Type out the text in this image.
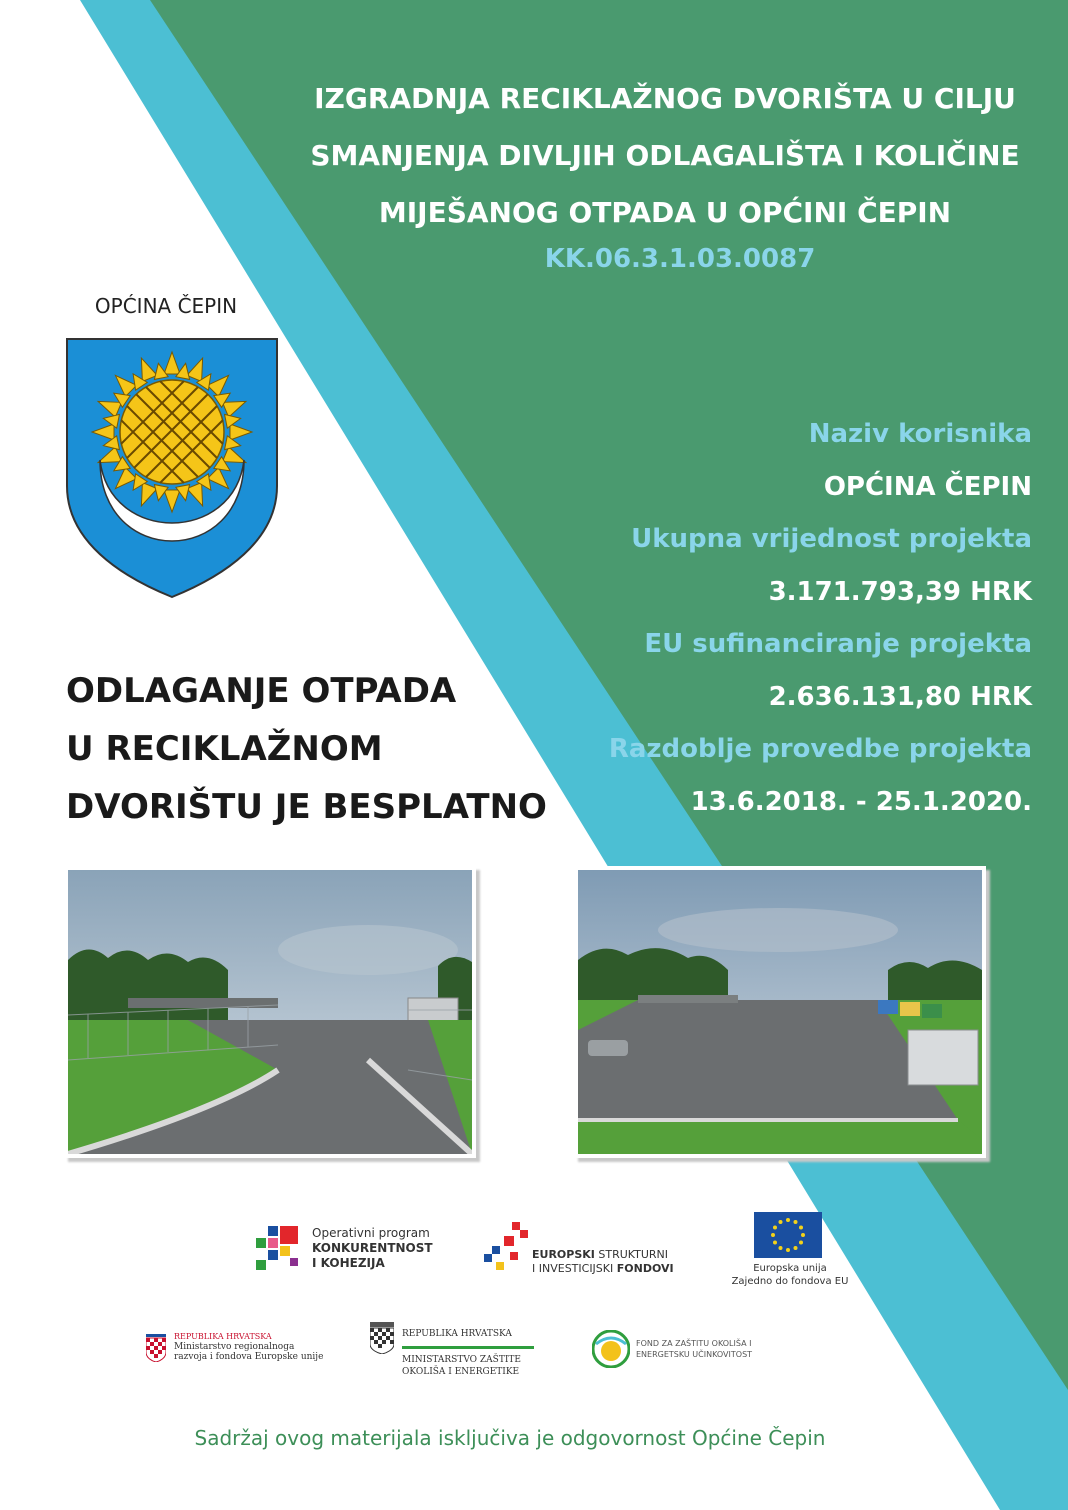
IZGRADNJA RECIKLAŽNOG DVORIŠTA U CILJU
SMANJENJA DIVLJIH ODLAGALIŠTA I KOLIČINE
MIJEŠANOG OTPADA U OPĆINI ČEPIN
KK.06.3.1.03.0087
OPĆINA ČEPIN
Naziv korisnika
OPĆINA ČEPIN
Ukupna vrijednost projekta
3.171.793,39 HRK
EU sufinanciranje projekta
2.636.131,80 HRK
Razdoblje provedbe projekta
13.6.2018. - 25.1.2020.
ODLAGANJE OTPADA
U RECIKLAŽNOM
DVORIŠTU JE BESPLATNO
Operativni program
KONKURENTNOST
I KOHEZIJA
EUROPSKI STRUKTURNI
I INVESTICIJSKI FONDOVI	Europska unija
Zajedno do fondova EU
REPUBLIKA HRVATSKA
Ministarstvo regionalnoga
razvoja i fondova Europske unije
REPUBLIKA HRVATSKA
MINISTARSTVO ZAŠTITE
OKOLIŠA I ENERGETIKE
FOND ZA ZAŠTITU OKOLIŠA I
ENERGETSKU UČINKOVITOST
Sadržaj ovog materijala isključiva je odgovornost Općine Čepin
